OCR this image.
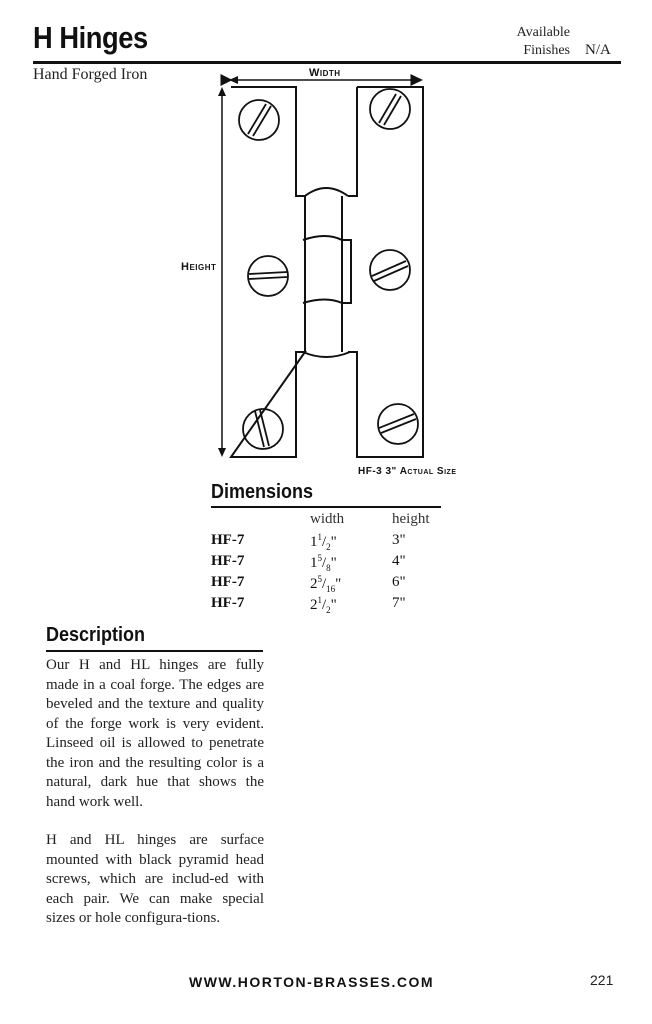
H Hinges	Available
Finishes N/A
Hand Forged Iron	Width
Height
HF-3 3" Actual Size
Dimensions
	width	height
HF-7	$1^1/_2$"	3"
HF-7	$1^5/_8$"	4"
HF-7	$2^5/_{16}$"	6"
HF-7	$2^1/_2$"	7"
Description

Our H and HL hinges are fully made in a coal forge. The edges are beveled and the texture and quality of the forge work is very evident. Linseed oil is allowed to penetrate the iron and the resulting color is a natural, dark hue that shows the hand work well.

H and HL hinges are surface mounted with black pyramid head screws, which are includ-ed with each pair. We can make special sizes or hole configura-tions.

WWW.HORTON-BRASSES.COM	221
